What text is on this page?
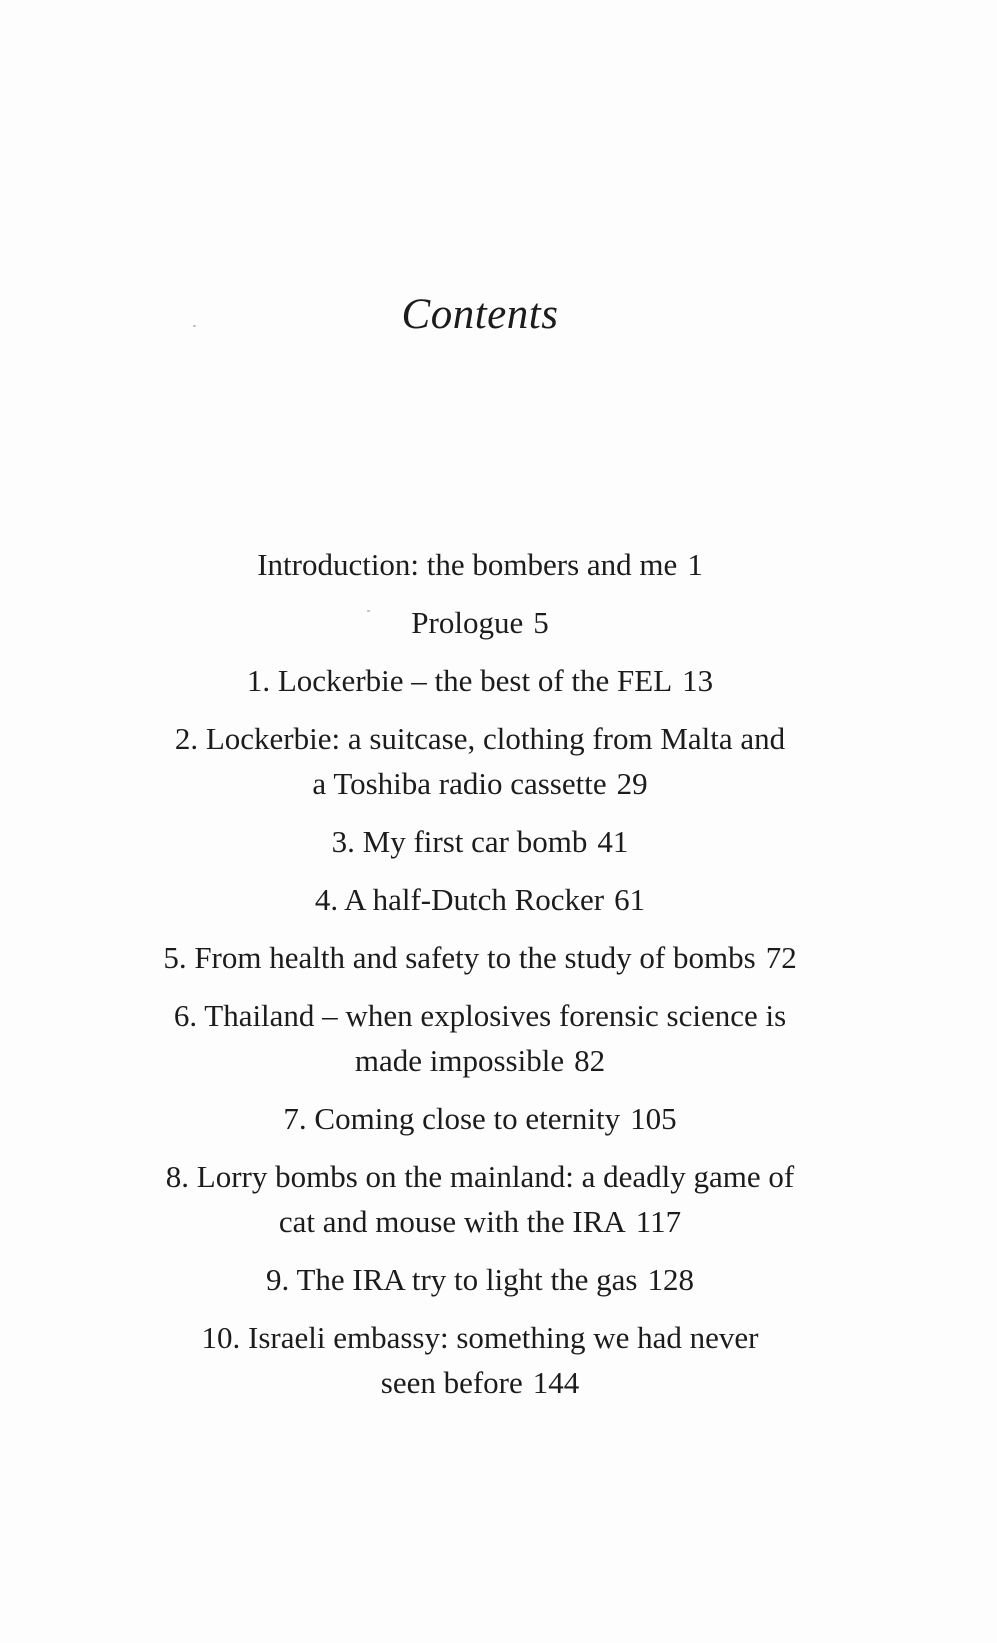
Contents

Introduction: the bombers and me 1

Prologue 5

1. Lockerbie – the best of the FEL 13

2. Lockerbie: a suitcase, clothing from Malta and
a Toshiba radio cassette 29

3. My first car bomb 41

4. A half-Dutch Rocker 61

5. From health and safety to the study of bombs 72

6. Thailand – when explosives forensic science is
made impossible 82

7. Coming close to eternity 105

8. Lorry bombs on the mainland: a deadly game of
cat and mouse with the IRA 117

9. The IRA try to light the gas 128

10. Israeli embassy: something we had never
seen before 144
